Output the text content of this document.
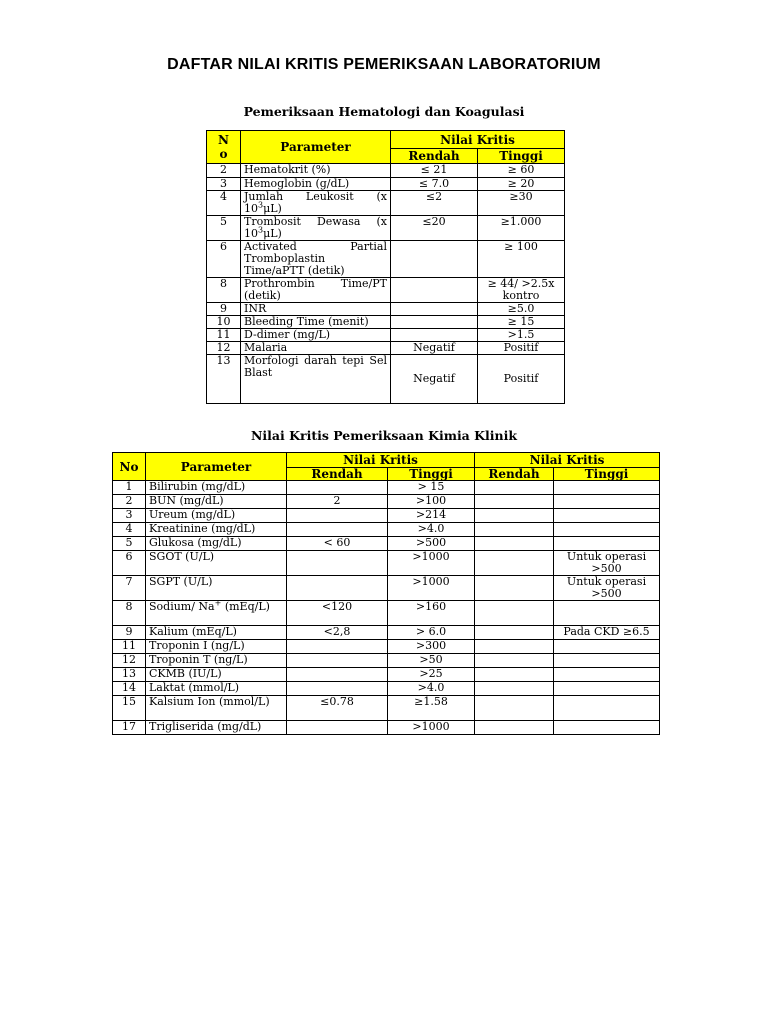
DAFTAR NILAI KRITIS PEMERIKSAAN LABORATORIUM
Pemeriksaan Hematologi dan Koagulasi
N o	Parameter	Nilai Kritis	
		Rendah	Tinggi
2	Hematokrit (%)	≤ 21	≥ 60
3	Hemoglobin (g/dL)	≤ 7.0	≥ 20
4	Jumlah Leukosit (x $10^3\mu L$)	≤2	≥30
5	Trombosit Dewasa (x $10^3\mu L$)	≤20	≥1.000
6	Activated Partial Tromboplastin Time/aPTT (detik)		≥ 100
8	Prothrombin Time/PT (detik)		≥ 44/ >2.5x kontro
9	INR		≥5.0
10	Bleeding Time (menit)		≥ 15
11	D-dimer (mg/L)		>1.5
12	Malaria	Negatif	Positif
13	Morfologi darah tepi Sel Blast	Negatif	Positif
Nilai Kritis Pemeriksaan Kimia Klinik
No	Parameter	Nilai Kritis		Nilai Kritis	
		Rendah	Tinggi	Rendah	Tinggi
1	Bilirubin (mg/dL)		> 15		
2	BUN (mg/dL)	2	>100		
3	Ureum (mg/dL)		>214		
4	Kreatinine (mg/dL)		>4.0		
5	Glukosa (mg/dL)	< 60	>500		
6	SGOT (U/L)		>1000		Untuk operasi >500
7	SGPT (U/L)		>1000		Untuk operasi >500
8	Sodium/ Na+ (mEq/L)	<120	>160		
9	Kalium (mEq/L)	<2,8	> 6.0		Pada CKD ≥6.5
11	Troponin I (ng/L)		>300		
12	Troponin T (ng/L)		>50		
13	CKMB (IU/L)		>25		
14	Laktat (mmol/L)		>4.0		
15	Kalsium Ion (mmol/L)	≤0.78	≥1.58		
17	Trigliserida (mg/dL)		>1000		
